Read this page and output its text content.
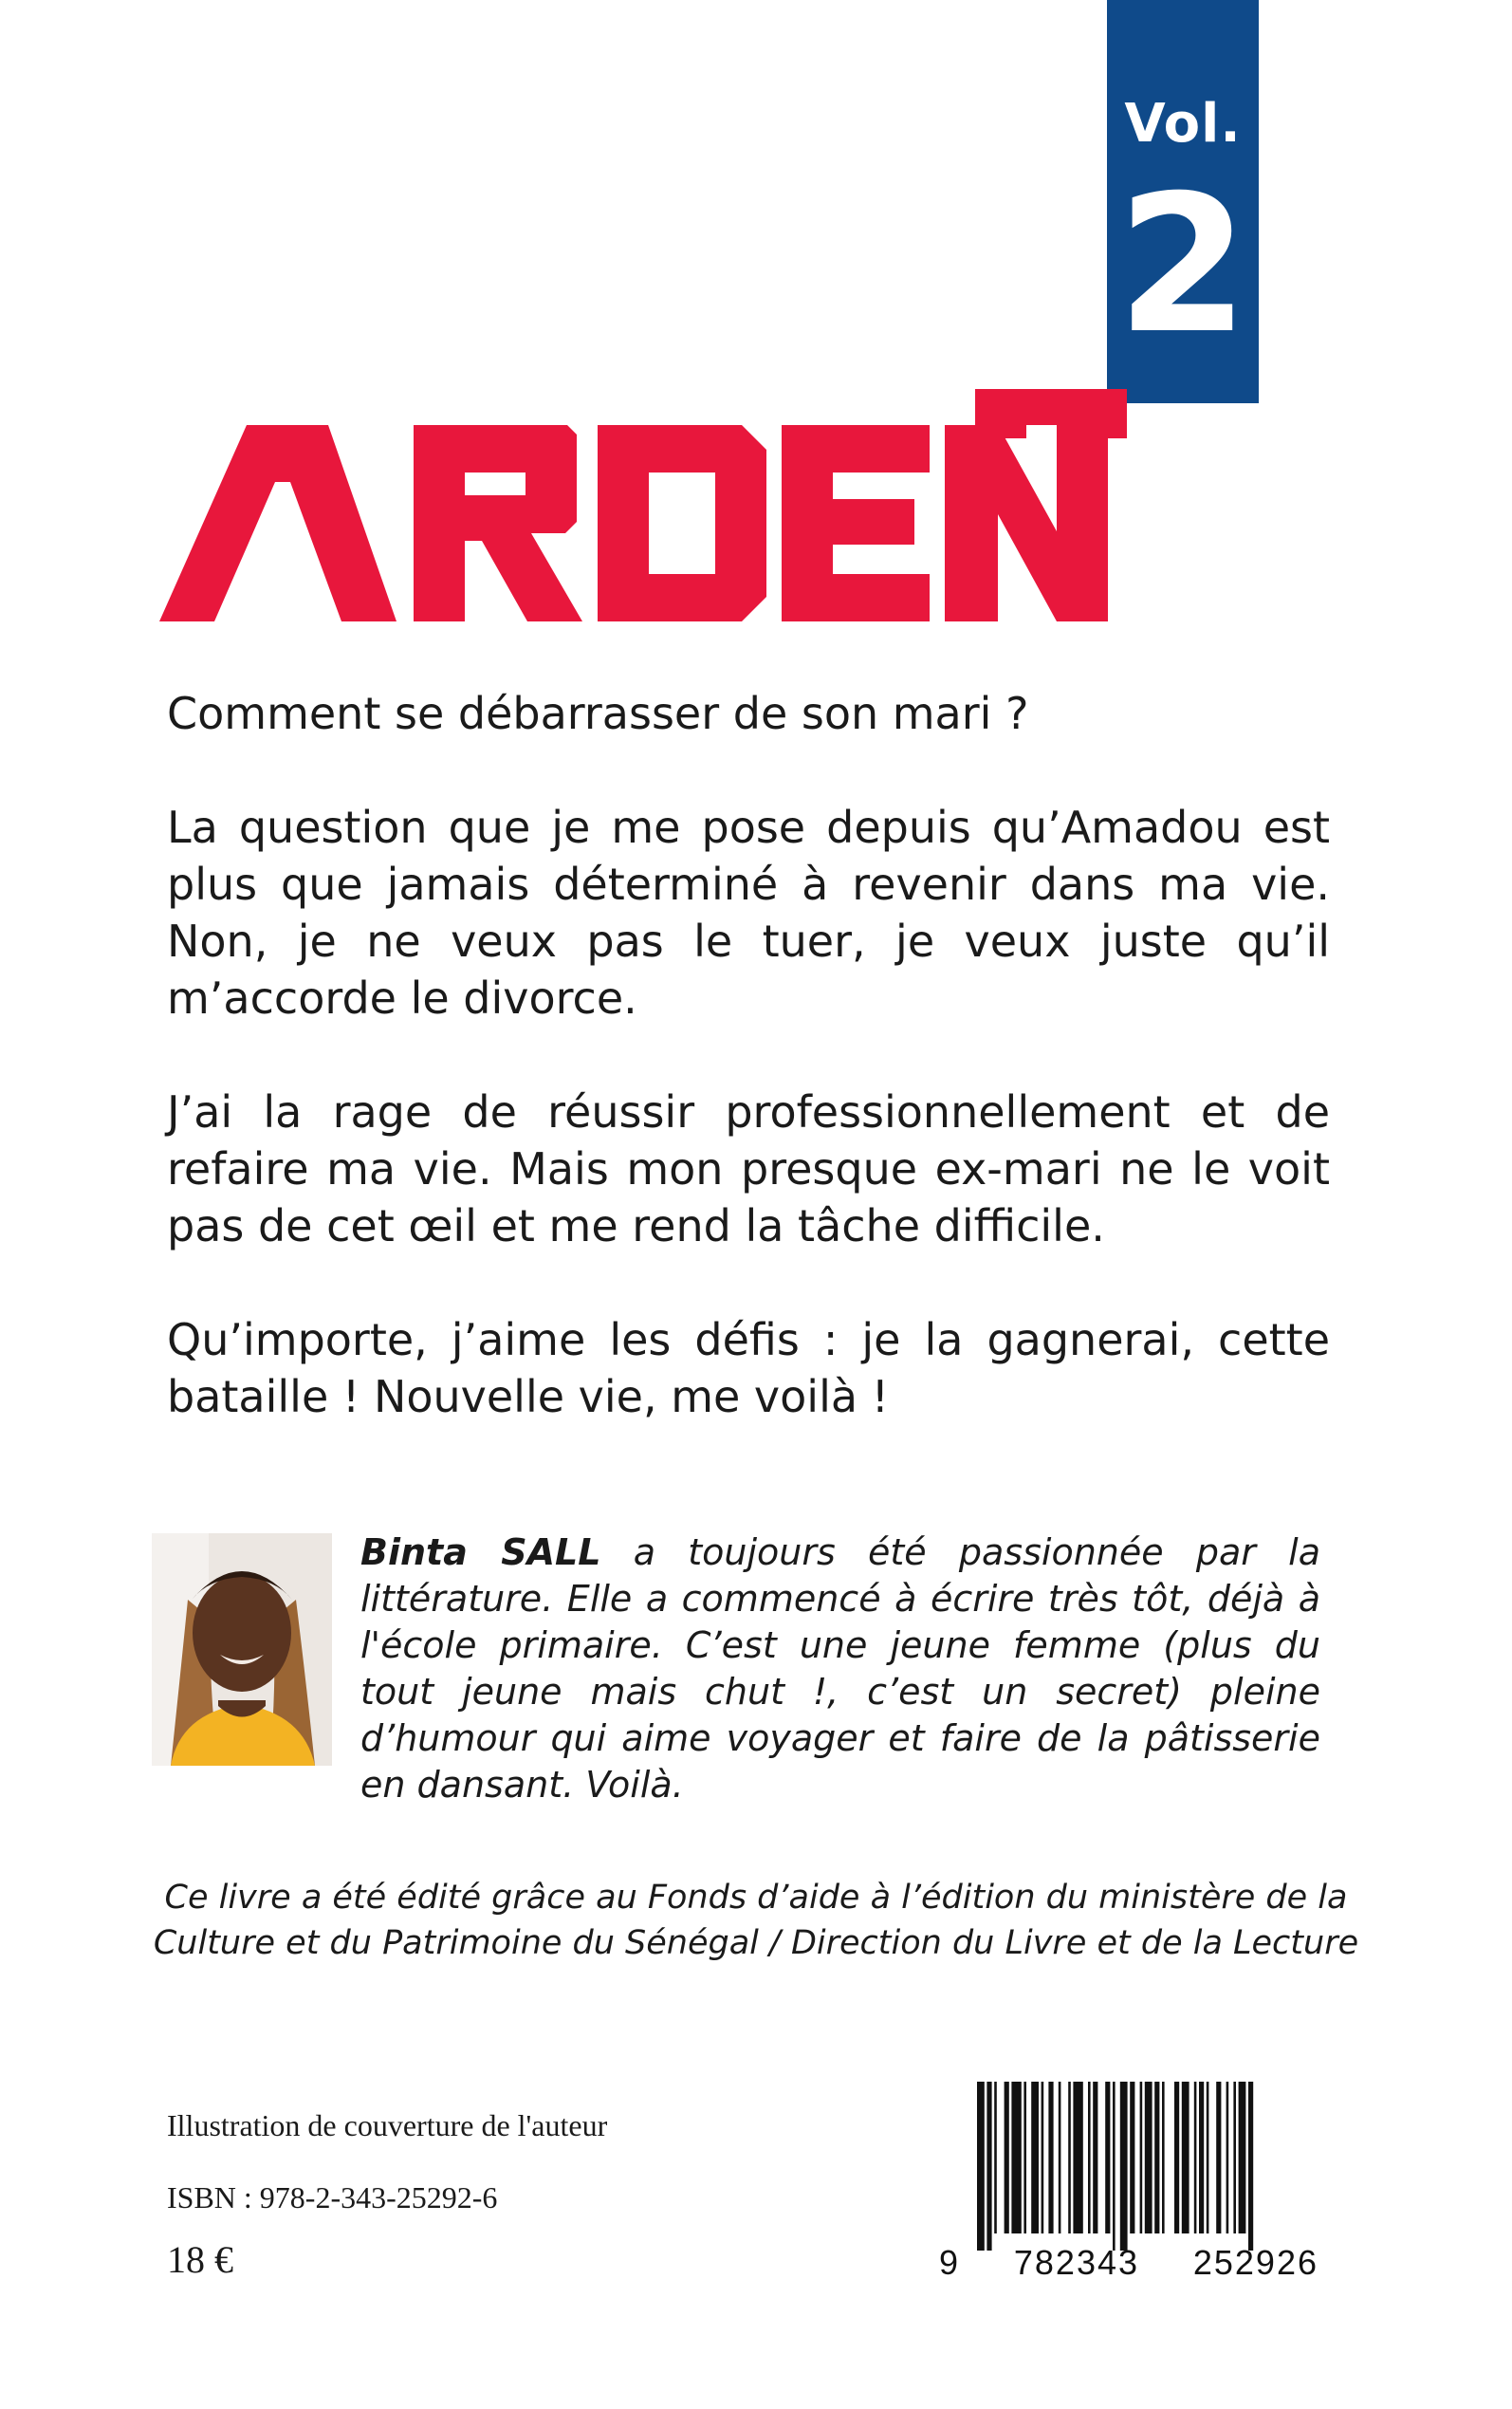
Vol.
2

Comment se débarrasser de son mari ?

La question que je me pose depuis qu’Amadou est plus que jamais déterminé à revenir dans ma vie. Non, je ne veux pas le tuer, je veux juste qu’il m’accorde le divorce.

J’ai la rage de réussir professionnellement et de refaire ma vie. Mais mon presque ex-mari ne le voit pas de cet œil et me rend la tâche difficile.

Qu’importe, j’aime les défis : je la gagnerai, cette bataille ! Nouvelle vie, me voilà !

Binta SALL a toujours été passionnée par la littérature. Elle a commencé à écrire très tôt, déjà à l'école primaire. C’est une jeune femme (plus du tout jeune mais chut !, c’est un secret) pleine d’humour qui aime voyager et faire de la pâtisserie en dansant. Voilà.
Ce livre a été édité grâce au Fonds d’aide à l’édition du ministère de la Culture et du Patrimoine du Sénégal / Direction du Livre et de la Lecture
Illustration de couverture de l'auteur
ISBN : 978-2-343-25292-6
18 €	9 782343 252926
